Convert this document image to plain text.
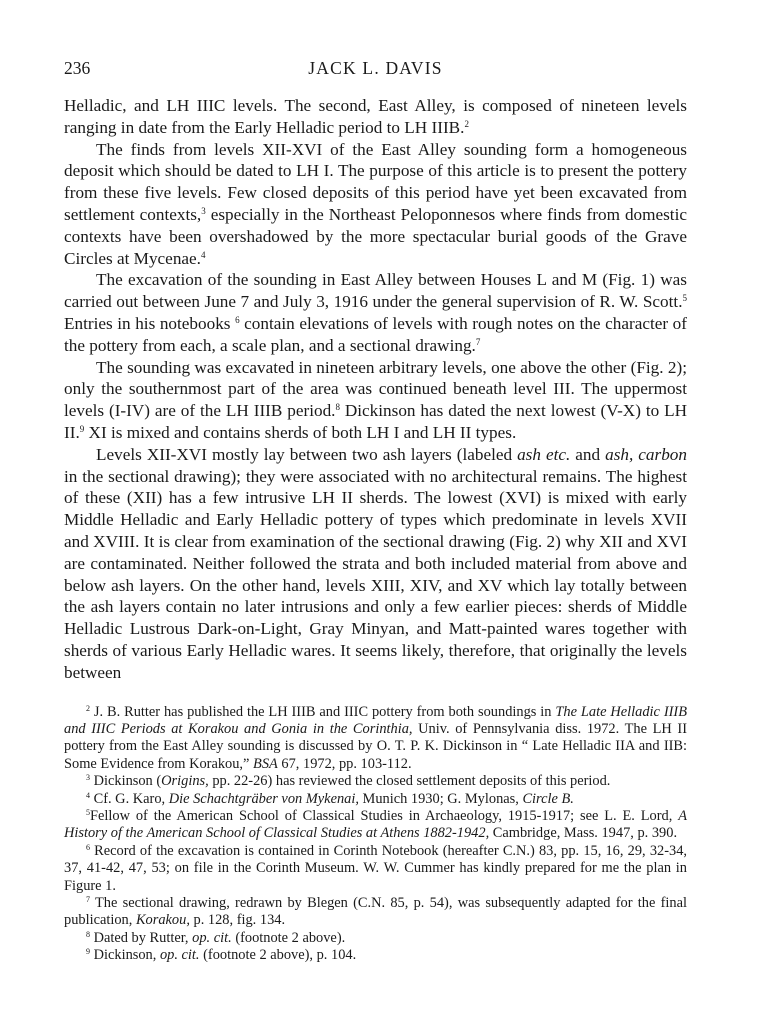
236	JACK L. DAVIS

Helladic, and LH IIIC levels. The second, East Alley, is composed of nineteen levels ranging in date from the Early Helladic period to LH IIIB.$^2$

The finds from levels XII-XVI of the East Alley sounding form a homogeneous deposit which should be dated to LH I. The purpose of this article is to present the pottery from these five levels. Few closed deposits of this period have yet been excavated from settlement contexts,$^3$ especially in the Northeast Peloponnesos where finds from domestic contexts have been overshadowed by the more spectacular burial goods of the Grave Circles at Mycenae.$^4$

The excavation of the sounding in East Alley between Houses L and M (Fig. 1) was carried out between June 7 and July 3, 1916 under the general supervision of R. W. Scott.$^5$ Entries in his notebooks $^6$ contain elevations of levels with rough notes on the character of the pottery from each, a scale plan, and a sectional drawing.$^7$

The sounding was excavated in nineteen arbitrary levels, one above the other (Fig. 2); only the southernmost part of the area was continued beneath level III. The uppermost levels (I-IV) are of the LH IIIB period.$^8$ Dickinson has dated the next lowest (V-X) to LH II.$^9$ XI is mixed and contains sherds of both LH I and LH II types.

Levels XII-XVI mostly lay between two ash layers (labeled ash etc. and ash, carbon in the sectional drawing); they were associated with no architectural remains. The highest of these (XII) has a few intrusive LH II sherds. The lowest (XVI) is mixed with early Middle Helladic and Early Helladic pottery of types which predominate in levels XVII and XVIII. It is clear from examination of the sectional drawing (Fig. 2) why XII and XVI are contaminated. Neither followed the strata and both included material from above and below ash layers. On the other hand, levels XIII, XIV, and XV which lay totally between the ash layers contain no later intrusions and only a few earlier pieces: sherds of Middle Helladic Lustrous Dark-on-Light, Gray Minyan, and Matt-painted wares together with sherds of various Early Helladic wares. It seems likely, therefore, that originally the levels between

$^2$ J. B. Rutter has published the LH IIIB and IIIC pottery from both soundings in The Late Helladic IIIB and IIIC Periods at Korakou and Gonia in the Corinthia, Univ. of Pennsylvania diss. 1972. The LH II pottery from the East Alley sounding is discussed by O. T. P. K. Dickinson in “ Late Helladic IIA and IIB: Some Evidence from Korakou,” BSA 67, 1972, pp. 103-112.

$^3$ Dickinson (Origins, pp. 22-26) has reviewed the closed settlement deposits of this period.

$^4$ Cf. G. Karo, Die Schachtgräber von Mykenai, Munich 1930; G. Mylonas, Circle B.

$^5$Fellow of the American School of Classical Studies in Archaeology, 1915-1917; see L. E. Lord, A History of the American School of Classical Studies at Athens 1882-1942, Cambridge, Mass. 1947, p. 390.

$^6$ Record of the excavation is contained in Corinth Notebook (hereafter C.N.) 83, pp. 15, 16, 29, 32-34, 37, 41-42, 47, 53; on file in the Corinth Museum. W. W. Cummer has kindly prepared for me the plan in Figure 1.

$^7$ The sectional drawing, redrawn by Blegen (C.N. 85, p. 54), was subsequently adapted for the final publication, Korakou, p. 128, fig. 134.

$^8$ Dated by Rutter, op. cit. (footnote 2 above).

$^9$ Dickinson, op. cit. (footnote 2 above), p. 104.
